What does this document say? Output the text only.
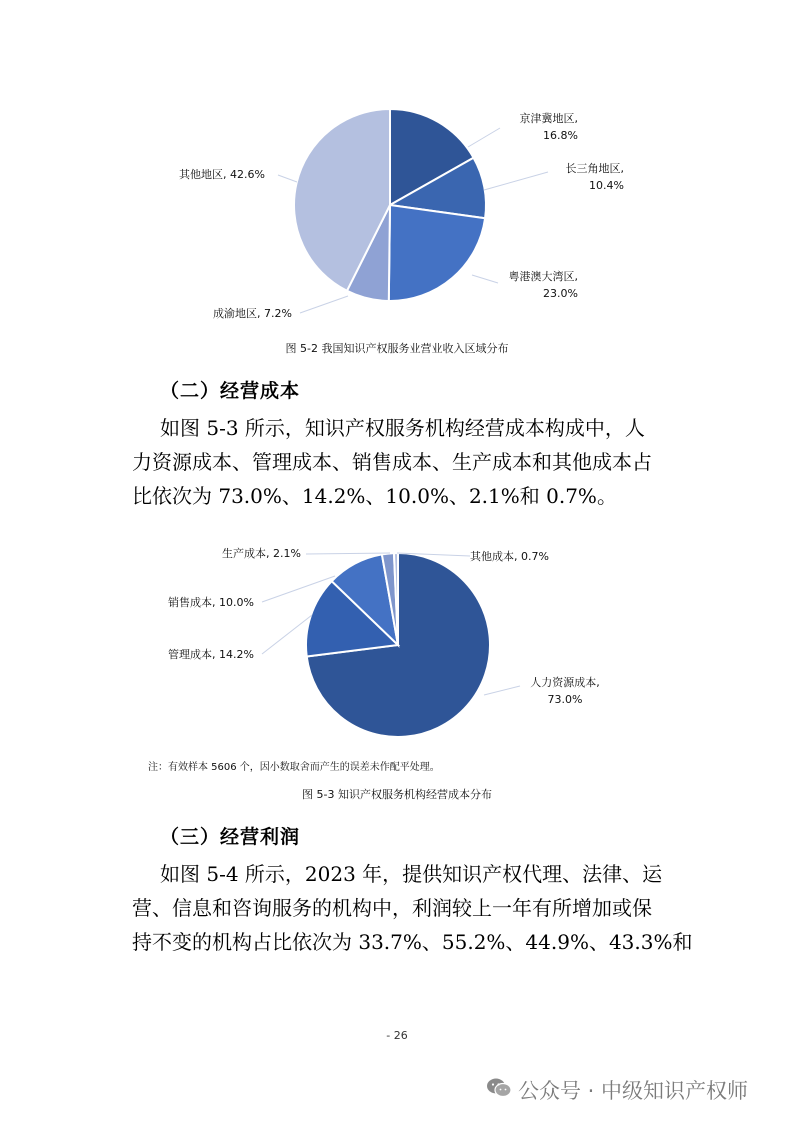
京津冀地区,
16.8%
长三角地区,
10.4%
粤港澳大湾区,
23.0%
成渝地区, 7.2%
其他地区, 42.6%
图 5-2 我国知识产权服务业营业收入区域分布
（二）经营成本
如图 5-3 所示，知识产权服务机构经营成本构成中，人
力资源成本、管理成本、销售成本、生产成本和其他成本占
比依次为 73.0%、14.2%、10.0%、2.1%和 0.7%。
生产成本, 2.1%	其他成本, 0.7%
销售成本, 10.0%
管理成本, 14.2%
人力资源成本,
73.0%
注：有效样本 5606 个，因小数取舍而产生的误差未作配平处理。
图 5-3 知识产权服务机构经营成本分布
（三）经营利润
如图 5-4 所示，2023 年，提供知识产权代理、法律、运
营、信息和咨询服务的机构中，利润较上一年有所增加或保
持不变的机构占比依次为 33.7%、55.2%、44.9%、43.3%和
- 26
公众号 · 中级知识产权师
